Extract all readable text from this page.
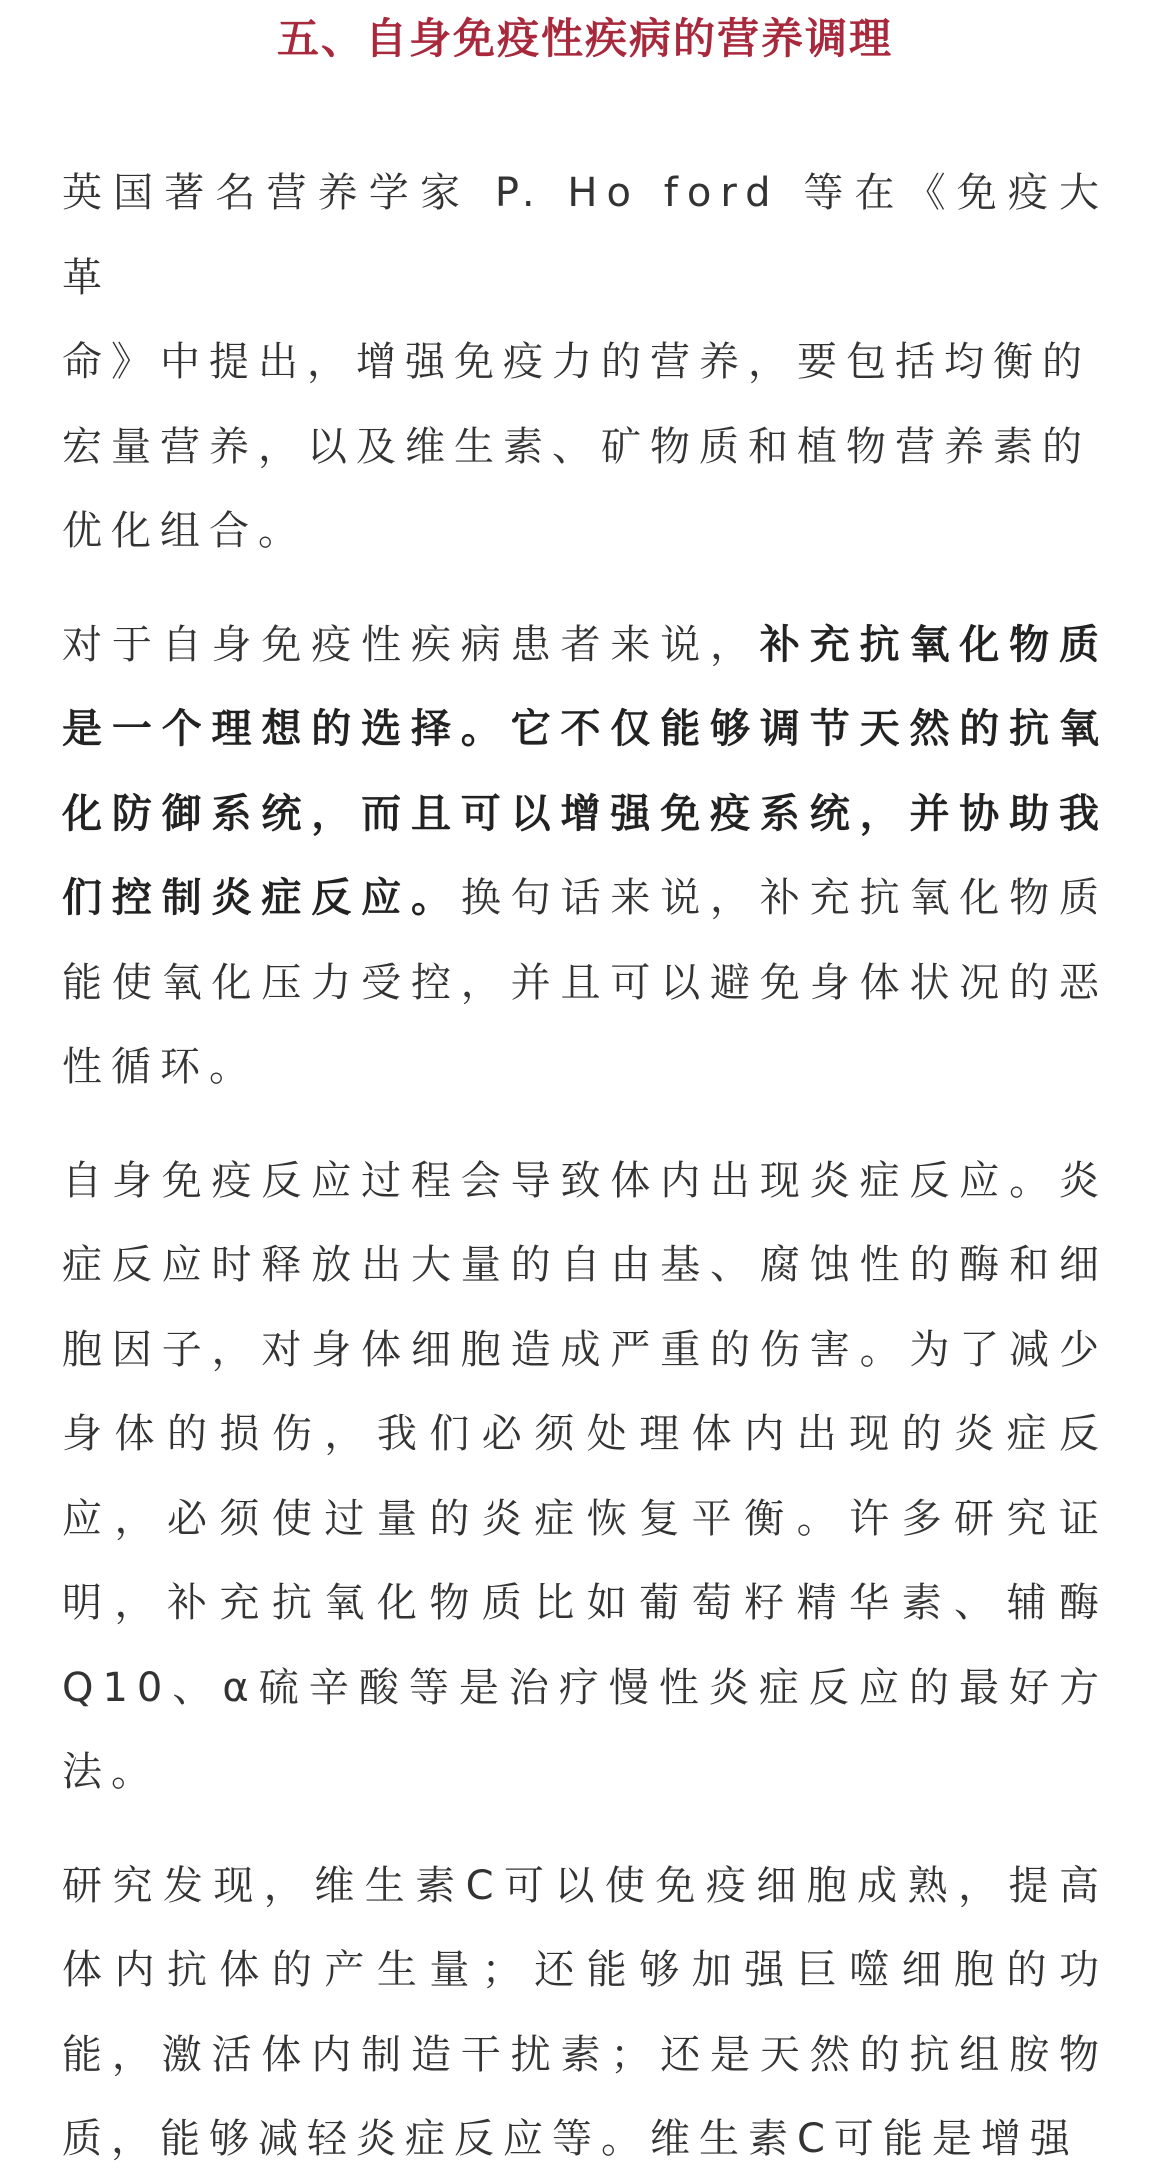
五、自身免疫性疾病的营养调理
英国著名营养学家 P. Ho ford 等在《免疫大革
命》中提出，增强免疫力的营养，要包括均衡的
宏量营养，以及维生素、矿物质和植物营养素的
优化组合。

对于自身免疫性疾病患者来说，补充抗氧化物质是一个理想的选择。它不仅能够调节天然的抗氧化防御系统，而且可以增强免疫系统，并协助我们控制炎症反应。换句话来说，补充抗氧化物质能使氧化压力受控，并且可以避免身体状况的恶性循环。

自身免疫反应过程会导致体内出现炎症反应。炎症反应时释放出大量的自由基、腐蚀性的酶和细胞因子，对身体细胞造成严重的伤害。为了减少身体的损伤，我们必须处理体内出现的炎症反应，必须使过量的炎症恢复平衡。许多研究证明，补充抗氧化物质比如葡萄籽精华素、辅酶Q10、α硫辛酸等是治疗慢性炎症反应的最好方法。

研究发现，维生素C可以使免疫细胞成熟，提高体内抗体的产生量；还能够加强巨噬细胞的功能，激活体内制造干扰素；还是天然的抗组胺物质，能够减轻炎症反应等。维生素C可能是增强
